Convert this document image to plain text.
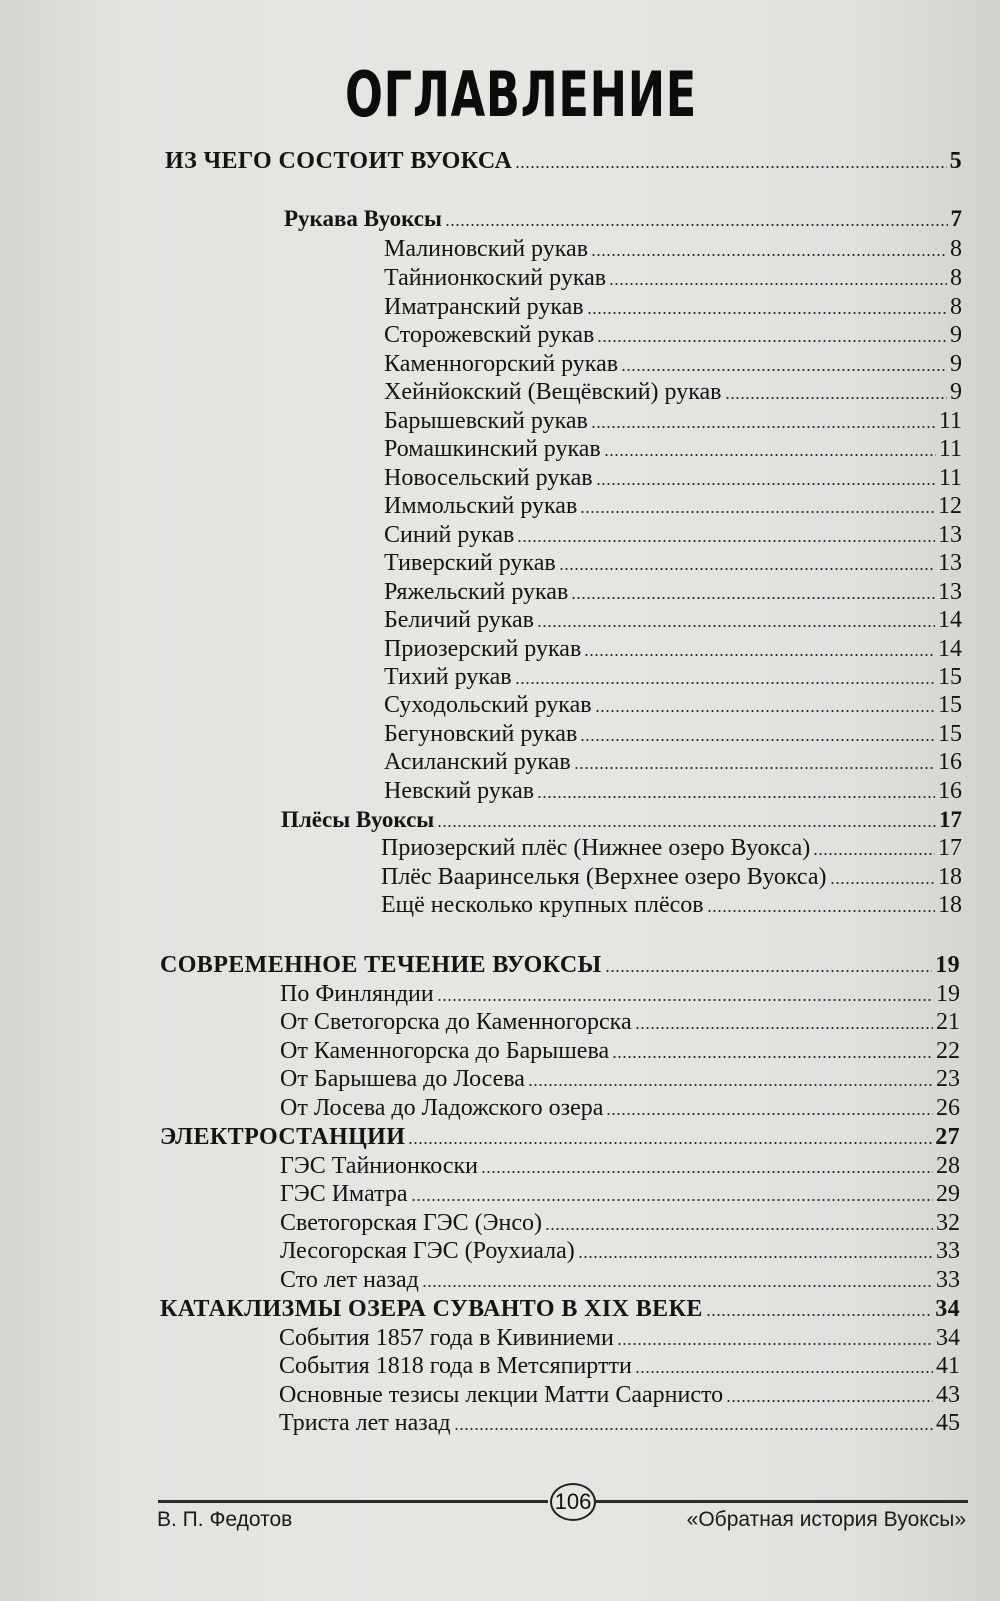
ОГЛАВЛЕНИЕ
ИЗ ЧЕГО СОСТОИТ ВУОКСА	5
Рукава Вуоксы	7
Малиновский рукав	8
Тайнионкоский рукав	8
Иматранский рукав	8
Сторожевский рукав	9
Каменногорский рукав	9
Хейнйокский (Вещёвский) рукав	9
Барышевский рукав	11
Ромашкинский рукав	11
Новосельский рукав	11
Иммольский рукав	12
Синий рукав	13
Тиверский рукав	13
Ряжельский рукав	13
Беличий рукав	14
Приозерский рукав	14
Тихий рукав	15
Суходольский рукав	15
Бегуновский рукав	15
Асиланский рукав	16
Невский рукав	16
Плёсы Вуоксы	17
Приозерский плёс (Нижнее озеро Вуокса)	17
Плёс Вааринселькя (Верхнее озеро Вуокса)	18
Ещё несколько крупных плёсов	18
СОВРЕМЕННОЕ ТЕЧЕНИЕ ВУОКСЫ	19
По Финляндии	19
От Светогорска до Каменногорска	21
От Каменногорска до Барышева	22
От Барышева до Лосева	23
От Лосева до Ладожского озера	26
ЭЛЕКТРОСТАНЦИИ	27
ГЭС Тайнионкоски	28
ГЭС Иматра	29
Светогорская ГЭС (Энсо)	32
Лесогорская ГЭС (Роухиала)	33
Сто лет назад	33
КАТАКЛИЗМЫ ОЗЕРА СУВАНТО В XIX ВЕКЕ	34
События 1857 года в Кивиниеми	34
События 1818 года в Метсяпиртти	41
Основные тезисы лекции Матти Саарнисто	43
Триста лет назад	45
106
В. П. Федотов	«Обратная история Вуоксы»
